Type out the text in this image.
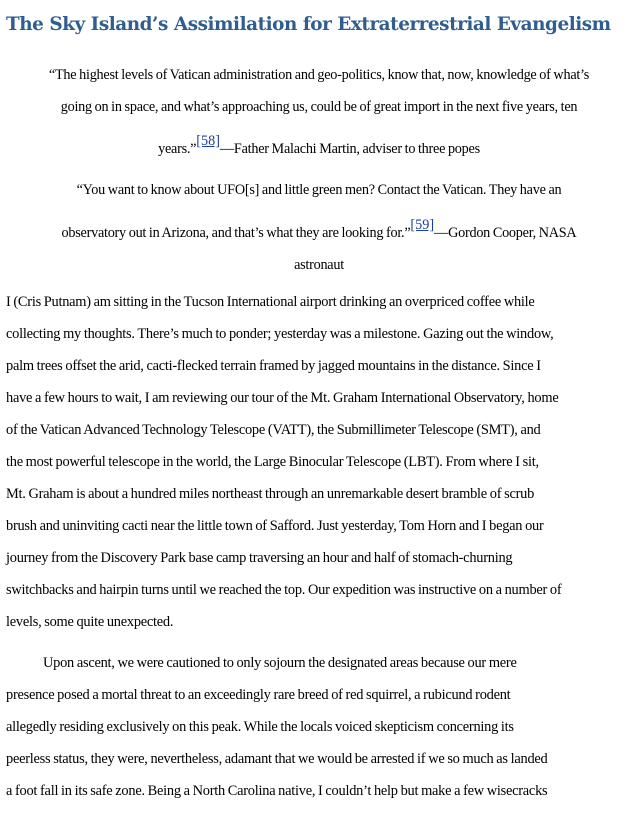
The Sky Island’s Assimilation for Extraterrestrial Evangelism
“The highest levels of Vatican administration and geo-politics, know that, now, knowledge of what’s
going on in space, and what’s approaching us, could be of great import in the next five years, ten
years.”[58]—Father Malachi Martin, adviser to three popes
“You want to know about UFO[s] and little green men? Contact the Vatican. They have an
observatory out in Arizona, and that’s what they are looking for.”[59]—Gordon Cooper, NASA
astronaut
I (Cris Putnam) am sitting in the Tucson International airport drinking an overpriced coffee while
collecting my thoughts. There’s much to ponder; yesterday was a milestone. Gazing out the window,
palm trees offset the arid, cacti-flecked terrain framed by jagged mountains in the distance. Since I
have a few hours to wait, I am reviewing our tour of the Mt. Graham International Observatory, home
of the Vatican Advanced Technology Telescope (VATT), the Submillimeter Telescope (SMT), and
the most powerful telescope in the world, the Large Binocular Telescope (LBT). From where I sit,
Mt. Graham is about a hundred miles northeast through an unremarkable desert bramble of scrub
brush and uninviting cacti near the little town of Safford. Just yesterday, Tom Horn and I began our
journey from the Discovery Park base camp traversing an hour and half of stomach-churning
switchbacks and hairpin turns until we reached the top. Our expedition was instructive on a number of
levels, some quite unexpected.
Upon ascent, we were cautioned to only sojourn the designated areas because our mere
presence posed a mortal threat to an exceedingly rare breed of red squirrel, a rubicund rodent
allegedly residing exclusively on this peak. While the locals voiced skepticism concerning its
peerless status, they were, nevertheless, adamant that we would be arrested if we so much as landed
a foot fall in its safe zone. Being a North Carolina native, I couldn’t help but make a few wisecracks
